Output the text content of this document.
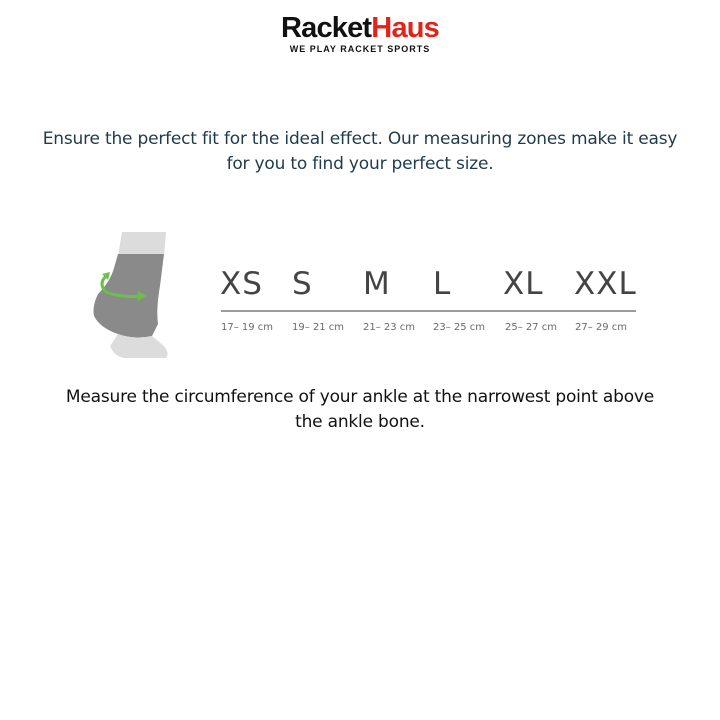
RacketHaus
WE PLAY RACKET SPORTS
Ensure the perfect fit for the ideal effect. Our measuring zones make it easy for you to find your perfect size.
XS S M L XL XXL
17– 19 cm 19– 21 cm 21– 23 cm 23– 25 cm 25– 27 cm 27– 29 cm
Measure the circumference of your ankle at the narrowest point above the ankle bone.
